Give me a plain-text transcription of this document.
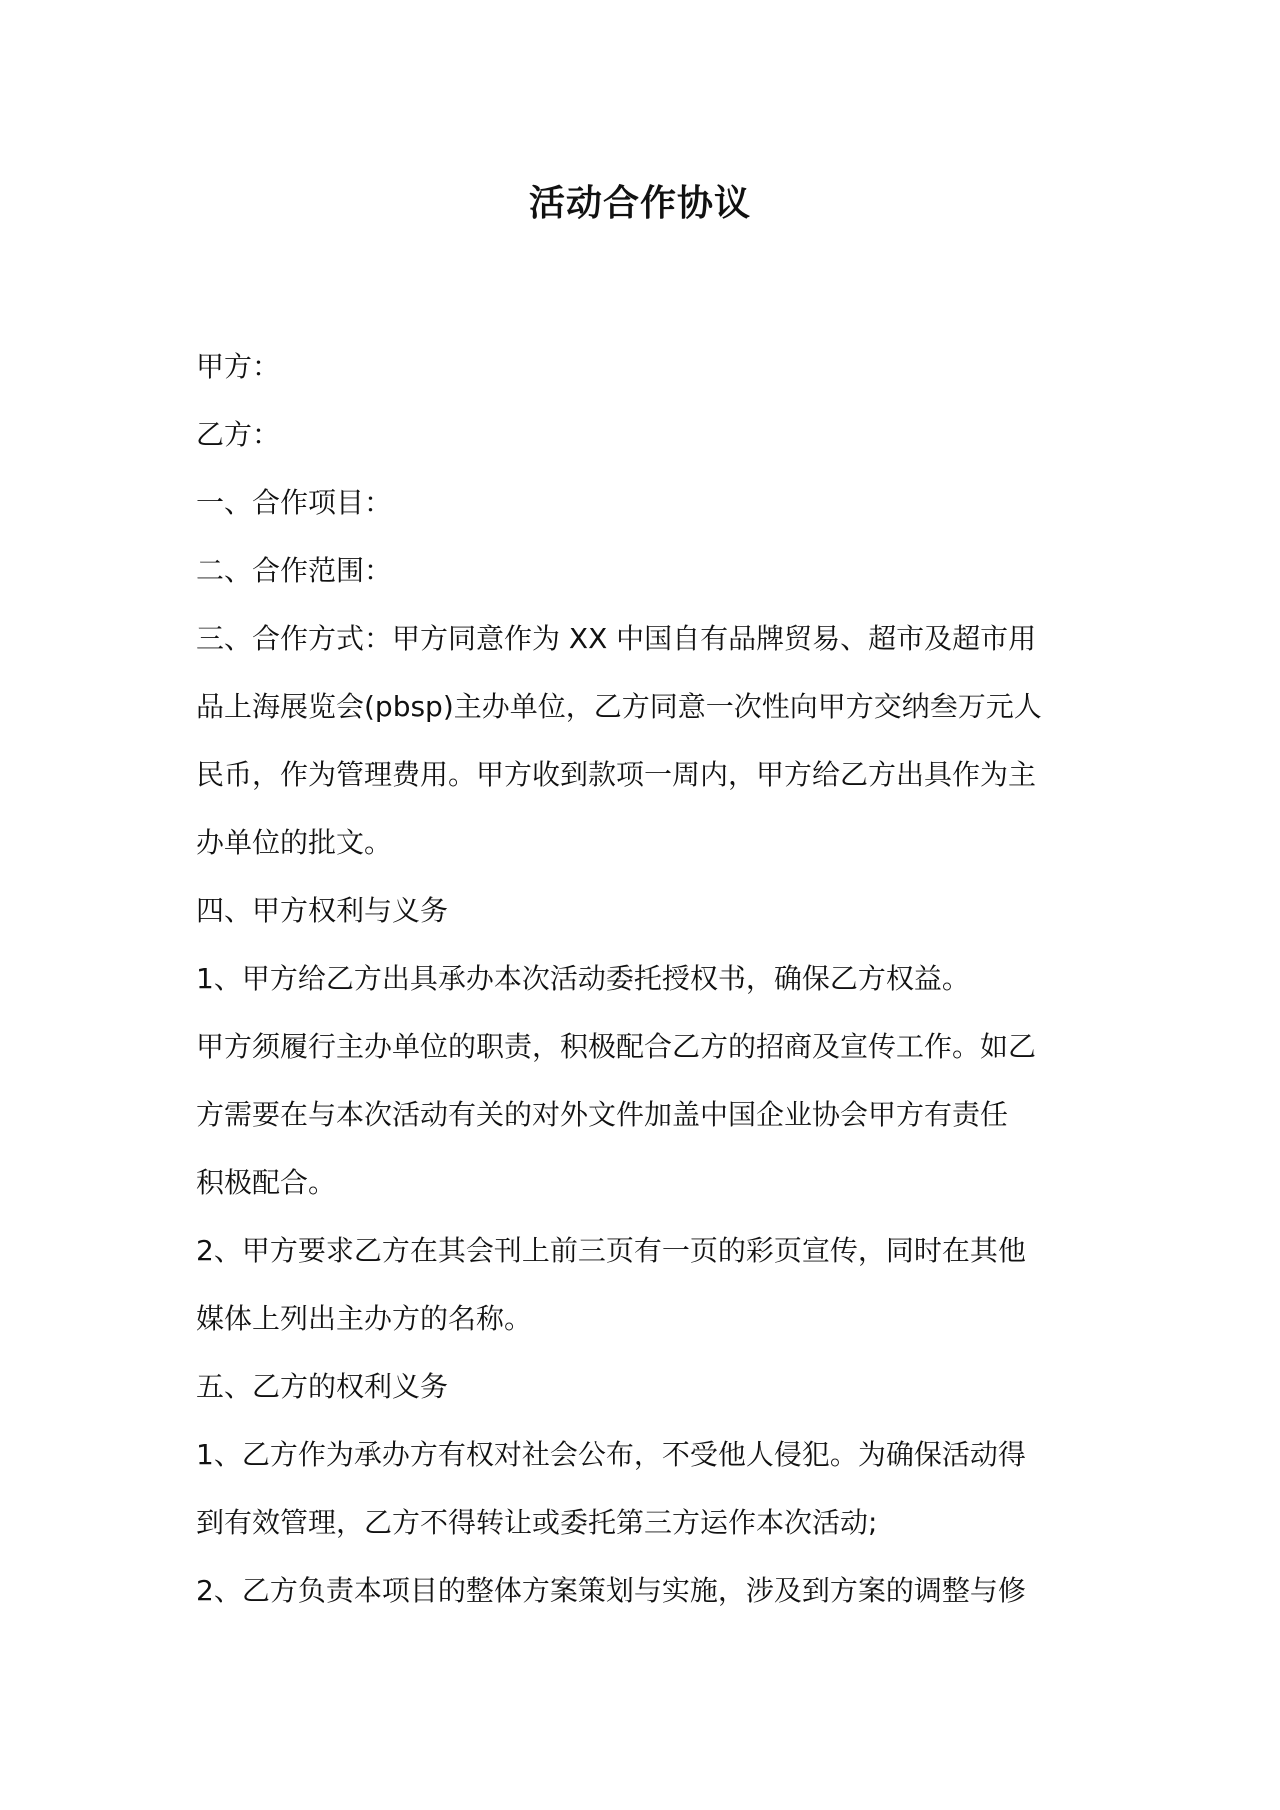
活动合作协议
甲方：
乙方：
一、合作项目：
二、合作范围：
三、合作方式：甲方同意作为 XX 中国自有品牌贸易、超市及超市用
品上海展览会(pbsp)主办单位，乙方同意一次性向甲方交纳叁万元人
民币，作为管理费用。甲方收到款项一周内，甲方给乙方出具作为主
办单位的批文。
四、甲方权利与义务
1、甲方给乙方出具承办本次活动委托授权书，确保乙方权益。
甲方须履行主办单位的职责，积极配合乙方的招商及宣传工作。如乙
方需要在与本次活动有关的对外文件加盖中国企业协会甲方有责任
积极配合。
2、甲方要求乙方在其会刊上前三页有一页的彩页宣传，同时在其他
媒体上列出主办方的名称。
五、乙方的权利义务
1、乙方作为承办方有权对社会公布，不受他人侵犯。为确保活动得
到有效管理，乙方不得转让或委托第三方运作本次活动;
2、乙方负责本项目的整体方案策划与实施，涉及到方案的调整与修
